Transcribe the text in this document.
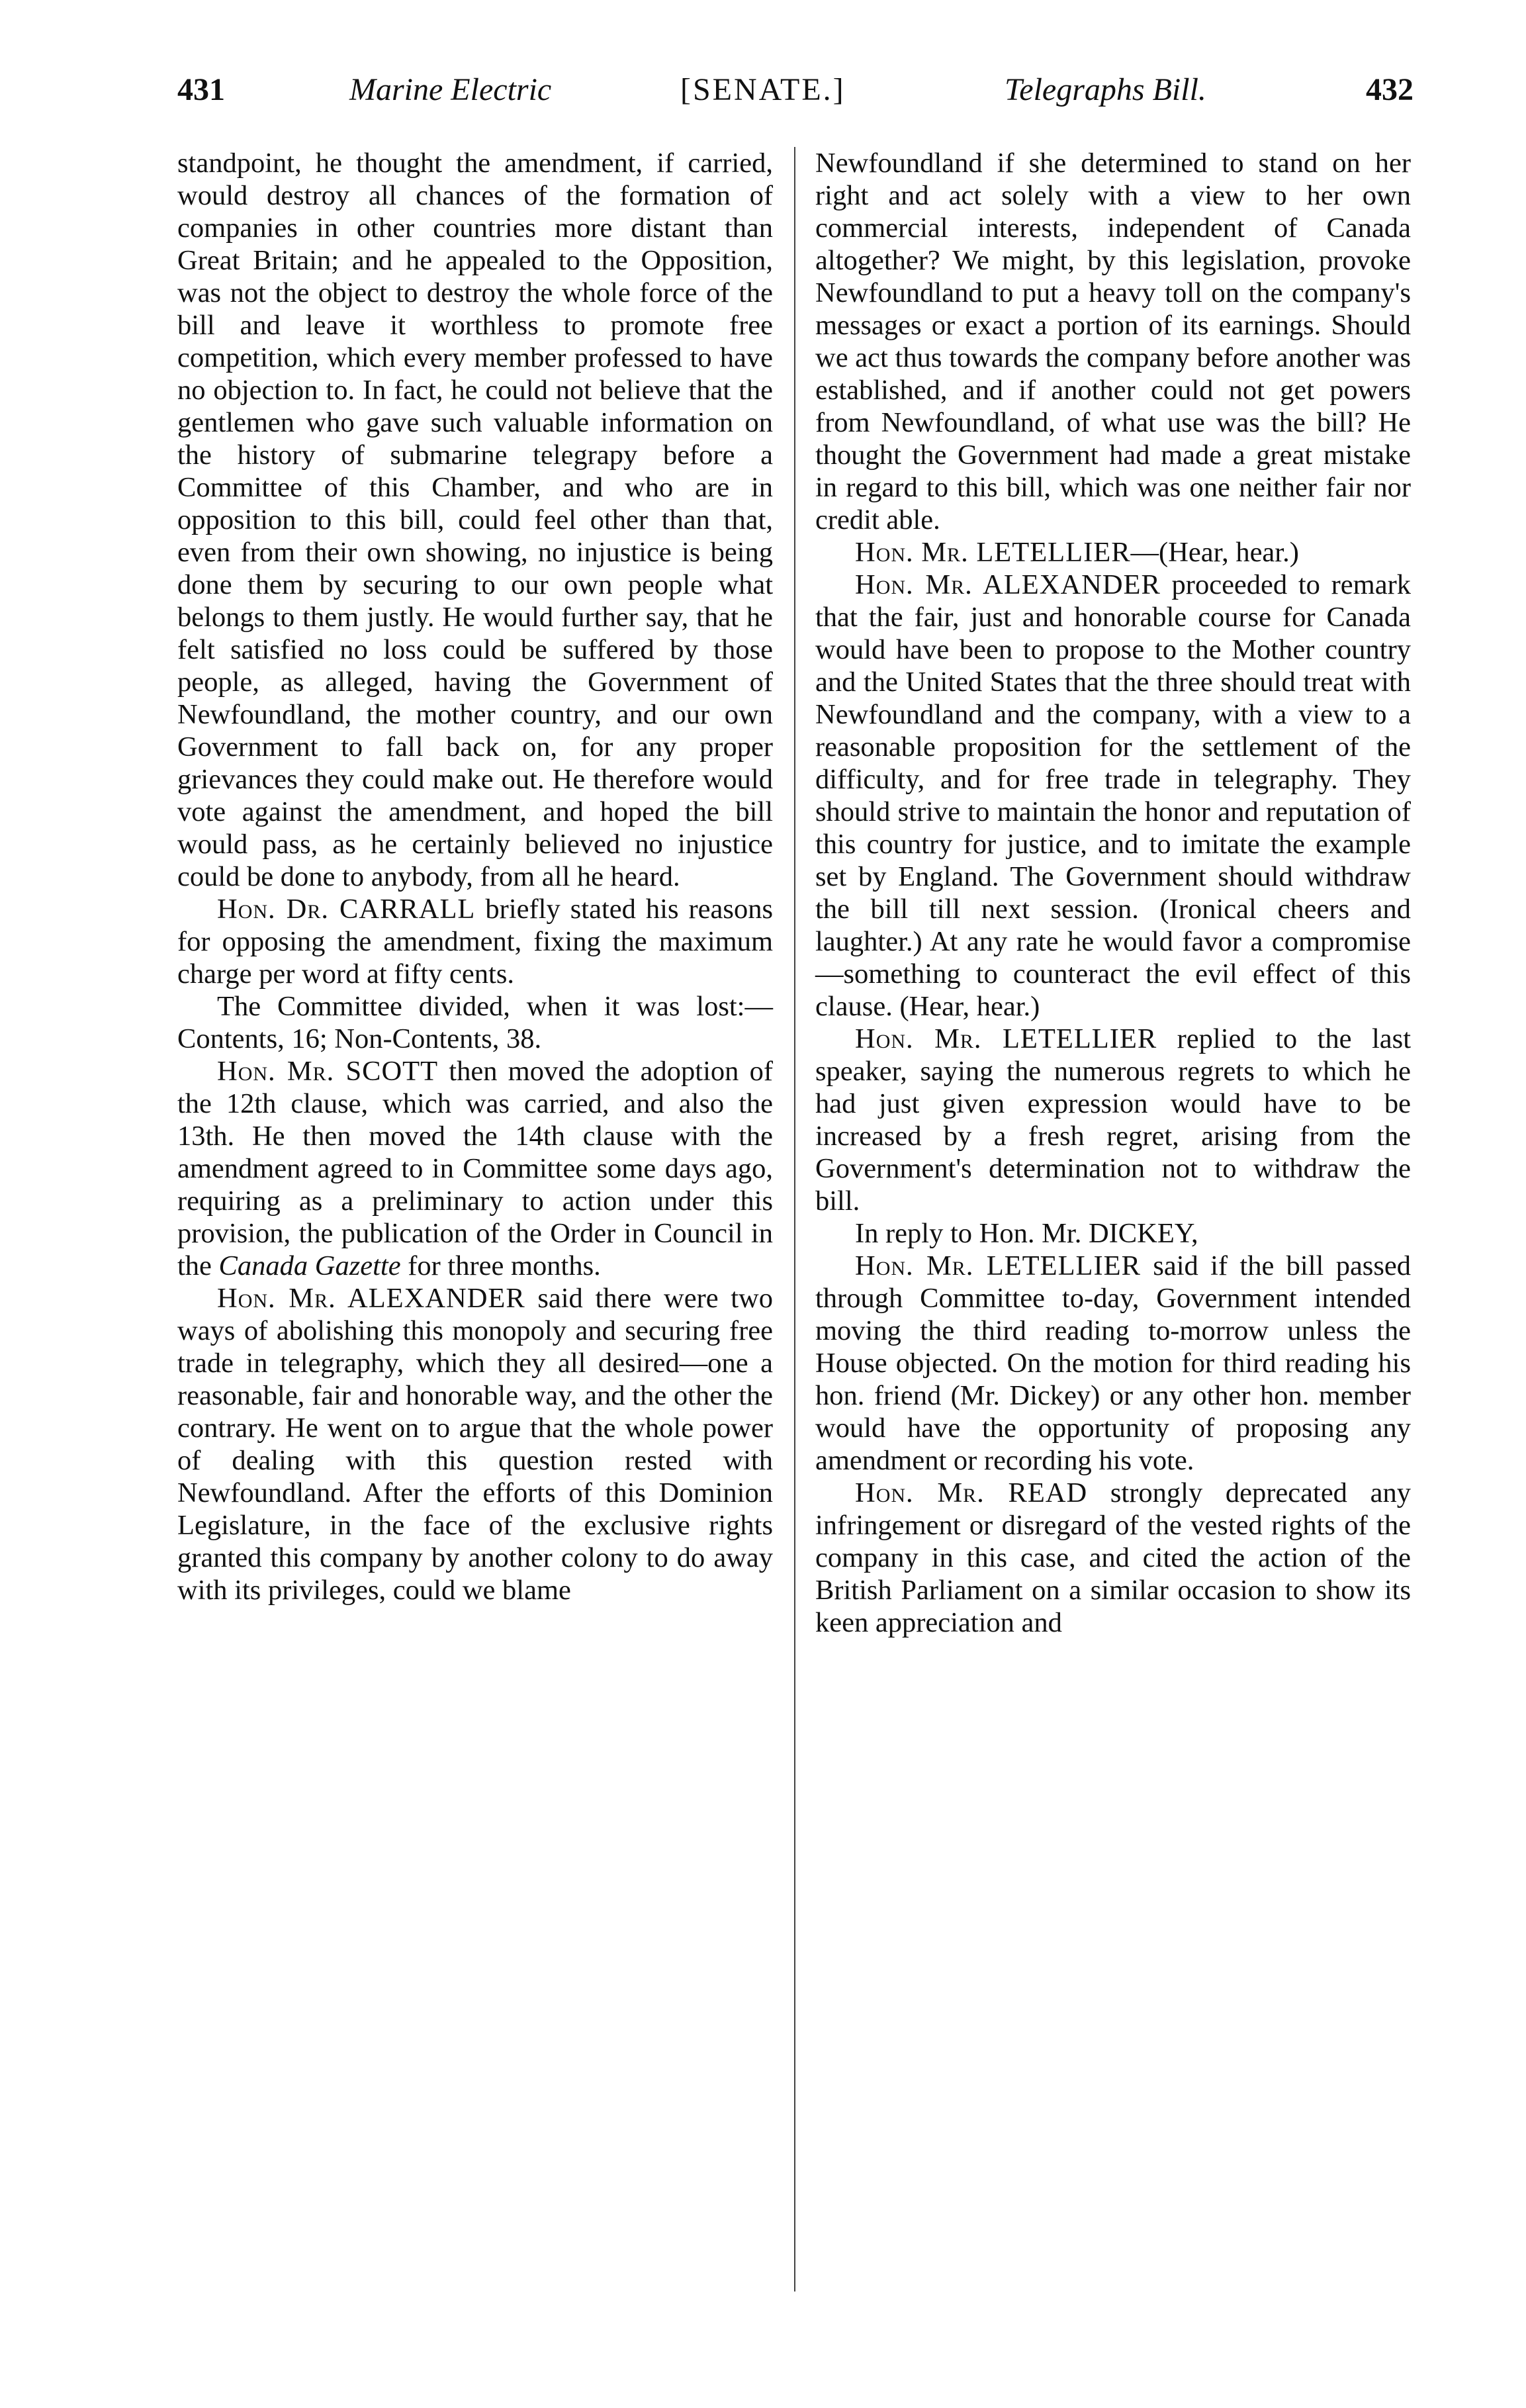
431	Marine Electric	[SENATE.]	Telegraphs Bill.	432

standpoint, he thought the amendment, if carried, would destroy all chances of the formation of companies in other countries more distant than Great Britain; and he appealed to the Opposition, was not the object to destroy the whole force of the bill and leave it worthless to promote free competition, which every member professed to have no objection to. In fact, he could not believe that the gentlemen who gave such valuable information on the history of submarine telegrapy before a Committee of this Chamber, and who are in opposition to this bill, could feel other than that, even from their own showing, no injustice is being done them by securing to our own people what belongs to them justly. He would further say, that he felt satisfied no loss could be suffered by those people, as alleged, having the Government of Newfoundland, the mother country, and our own Government to fall back on, for any proper grievances they could make out. He therefore would vote against the amendment, and hoped the bill would pass, as he certainly believed no injustice could be done to anybody, from all he heard.

Hon. Dr. CARRALL briefly stated his reasons for opposing the amendment, fixing the maximum charge per word at fifty cents.

The Committee divided, when it was lost:—Contents, 16; Non-Contents, 38.

Hon. Mr. SCOTT then moved the adoption of the 12th clause, which was carried, and also the 13th. He then moved the 14th clause with the amendment agreed to in Committee some days ago, requiring as a preliminary to action under this provision, the publication of the Order in Council in the Canada Gazette for three months.

Hon. Mr. ALEXANDER said there were two ways of abolishing this monopoly and securing free trade in telegraphy, which they all desired—one a reasonable, fair and honorable way, and the other the contrary. He went on to argue that the whole power of dealing with this question rested with Newfoundland. After the efforts of this Dominion Legislature, in the face of the exclusive rights granted this company by another colony to do away with its privileges, could we blame

Newfoundland if she determined to stand on her right and act solely with a view to her own commercial interests, independent of Canada altogether? We might, by this legislation, provoke Newfoundland to put a heavy toll on the company's messages or exact a portion of its earnings. Should we act thus towards the company before another was established, and if another could not get powers from Newfoundland, of what use was the bill? He thought the Government had made a great mistake in regard to this bill, which was one neither fair nor credit able.

Hon. Mr. LETELLIER—(Hear, hear.)

Hon. Mr. ALEXANDER proceeded to remark that the fair, just and honorable course for Canada would have been to propose to the Mother country and the United States that the three should treat with Newfoundland and the company, with a view to a reasonable proposition for the settlement of the difficulty, and for free trade in telegraphy. They should strive to maintain the honor and reputation of this country for justice, and to imitate the example set by England. The Government should withdraw the bill till next session. (Ironical cheers and laughter.) At any rate he would favor a compromise—something to counteract the evil effect of this clause. (Hear, hear.)

Hon. Mr. LETELLIER replied to the last speaker, saying the numerous regrets to which he had just given expression would have to be increased by a fresh regret, arising from the Government's determination not to withdraw the bill.

In reply to Hon. Mr. DICKEY,

Hon. Mr. LETELLIER said if the bill passed through Committee to-day, Government intended moving the third reading to-morrow unless the House objected. On the motion for third reading his hon. friend (Mr. Dickey) or any other hon. member would have the opportunity of proposing any amendment or recording his vote.

Hon. Mr. READ strongly deprecated any infringement or disregard of the vested rights of the company in this case, and cited the action of the British Parliament on a similar occasion to show its keen appreciation and
